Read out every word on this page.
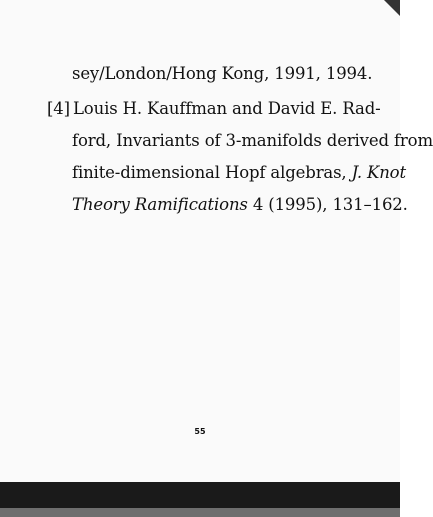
sey/London/Hong Kong, 1991, 1994.
[4] Louis H. Kauffman and David E. Rad-
ford, Invariants of 3-manifolds derived from
finite-dimensional Hopf algebras, J. Knot
Theory Ramifications 4 (1995), 131–162.
55
